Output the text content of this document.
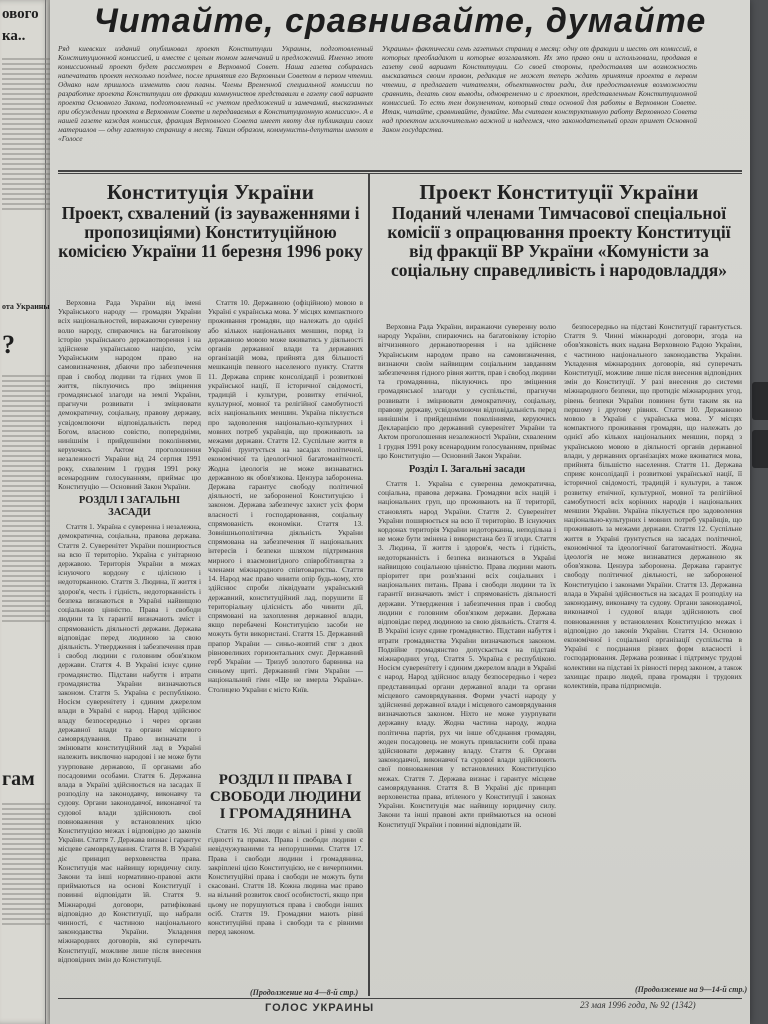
ового
ка..
ота Украины
?
гам
Читайте, сравнивайте, думайте
Ряд киевских изданий опубликовал проект Конституции Украины, подготовленный Конституционной комиссией, и вместе с целым томом замечаний и предложений. Именно этот комиссионный проект будет рассмотрен в Верховной Совет. Наша газета собиралась напечатать проект несколько позднее, после принятия его Верховным Советом в первом чтении. Однако нам пришлось изменить свои планы. Члены Временной специальной комиссии по разработке проекта Конституции от фракции коммунистов представили в газету свой вариант проекта Основного Закона, подготовленный «с учетом предложений и замечаний, высказанных при обсуждении проекта в Верховном Совете и передаваемых в Конституционную комиссию». А в нашей газете каждая комиссия, фракция Верховного Совета имеет квоту для публикации своих материалов — одну газетную страницу в месяц. Таким образом, коммунисты-депутаты имеют в «Голосе
Украины» фактически семь газетных страниц в месяц: одну от фракции и шесть от комиссий, в которых преобладают и которые возглавляют. Их это право они и использовали, продавая в газету свой вариант Конституции. Со своей стороны, предоставляя им возможность высказаться своим правом, редакция не может теперь ждать принятия проекта в первом чтении, а предлагает читателям, объективности ради, для предоставления возможности сравнить, делать свои выводы, одновременно и с проектом, представленным Конституционной комиссией. То есть тем документом, который стал основой для работы в Верховном Совете. Итак, читайте, сравнивайте, думайте. Мы считаем конструктивную работу Верховного Совета над проектом исключительно важной и надеемся, что законодательный орган примет Основной Закон государства.
Конституція України
Проект, схвалений (із зауваженнями і пропозиціями) Конституційною комісією України 11 березня 1996 року

Верховна Рада України від імені Українського народу — громадян України всіх національностей, виражаючи суверенну волю народу, спираючись на багатовікову історію українського державотворення і на здійснене українською нацією, усім Українським народом право на самовизначення, дбаючи про забезпечення прав і свобод людини та гідних умов її життя, піклуючись про зміцнення громадянської злагоди на землі України, прагнучи розвивати і зміцнювати демократичну, соціальну, правову державу, усвідомлюючи відповідальність перед Богом, власною совістю, попередніми, нинішнім і прийдешніми поколіннями, керуючись Актом проголошення незалежності України від 24 серпня 1991 року, схваленим 1 грудня 1991 року всенародним голосуванням, приймає цю Конституцію — Основний Закон України.

РОЗДІЛ І ЗАГАЛЬНІ ЗАСАДИ

Стаття 1. Україна є суверенна і незалежна, демократична, соціальна, правова держава. Стаття 2. Суверенітет України поширюється на всю її територію. Україна є унітарною державою. Територія України в межах існуючого кордону є цілісною і недоторканною. Стаття 3. Людина, її життя і здоров'я, честь і гідність, недоторканність і безпека визнаються в Україні найвищою соціальною цінністю. Права і свободи людини та їх гарантії визначають зміст і спрямованість діяльності держави. Держава відповідає перед людиною за свою діяльність. Утвердження і забезпечення прав і свобод людини є головним обов'язком держави. Стаття 4. В Україні існує єдине громадянство. Підстави набуття і втрати громадянства України визначаються законом. Стаття 5. Україна є республікою. Носієм суверенітету і єдиним джерелом влади в Україні є народ. Народ здійснює владу безпосередньо і через органи державної влади та органи місцевого самоврядування. Право визначати і змінювати конституційний лад в Україні належить виключно народові і не може бути узурповане державою, її органами або посадовими особами. Стаття 6. Державна влада в Україні здійснюється на засадах її розподілу на законодавчу, виконавчу та судову. Органи законодавчої, виконавчої та судової влади здійснюють свої повноваження у встановлених цією Конституцією межах і відповідно до законів України. Стаття 7. Держава визнає і гарантує місцеве самоврядування. Стаття 8. В Україні діє принцип верховенства права. Конституція має найвищу юридичну силу. Закони та інші нормативно-правові акти приймаються на основі Конституції і повинні відповідати їй. Стаття 9. Міжнародні договори, ратифіковані відповідно до Конституції, що набрали чинності, є частиною національного законодавства України. Укладення міжнародних договорів, які суперечать Конституції, можливе лише після внесення відповідних змін до Конституції.

Стаття 10. Державною (офіційною) мовою в Україні є українська мова. У місцях компактного проживання громадян, що належать до однієї або кількох національних меншин, поряд із державною мовою може вживатись у діяльності органів державної влади та державних організацій мова, прийнята для більшості мешканців певного населеного пункту. Стаття 11. Держава сприяє консолідації і розвиткові української нації, її історичної свідомості, традицій і культури, розвитку етнічної, культурної, мовної та релігійної самобутності всіх національних меншин. Україна піклується про задоволення національно-культурних і мовних потреб українців, що проживають за межами держави. Стаття 12. Суспільне життя в Україні ґрунтується на засадах політичної, економічної та ідеологічної багатоманітності. Жодна ідеологія не може визнаватись державною як обов'язкова. Цензура заборонена. Держава гарантує свободу політичної діяльності, не забороненої Конституцією і законом. Держава забезпечує захист усіх форм власності і господарювання, соціальну спрямованість економіки. Стаття 13. Зовнішньополітична діяльність України спрямована на забезпечення її національних інтересів і безпеки шляхом підтримання мирного і взаємовигідного співробітництва з членами міжнародного співтовариства. Стаття 14. Народ має право чинити опір будь-кому, хто здійснює спроби ліквідувати український державний, конституційний лад, порушити її територіальну цілісність або чинити дії, спрямовані на захоплення державної влади, якщо перебачені Конституцією засоби не можуть бути використані. Стаття 15. Державний прапор України — синьо-жовтий стяг з двох рівновеликих горизонтальних смуг. Державний герб України — Тризуб золотого барвника на синьому щиті. Державний гімн України — національний гімн «Ще не вмерла Україна». Столицею України є місто Київ.

РОЗДІЛ ІІ ПРАВА І СВОБОДИ ЛЮДИНИ І ГРОМАДЯНИНА

Стаття 16. Усі люди є вільні і рівні у своїй гідності та правах. Права і свободи людини є невідчужуваними та непорушними. Стаття 17. Права і свободи людини і громадянина, закріплені цією Конституцією, не є вичерпними. Конституційні права і свободи не можуть бути скасовані. Стаття 18. Кожна людина має право на вільний розвиток своєї особистості, якщо при цьому не порушуються права і свободи інших осіб. Стаття 19. Громадяни мають рівні конституційні права і свободи та є рівними перед законом.

(Продолжение на 4—8-й стр.)
Проект Конституції України
Поданий членами Тимчасової спеціальної комісії з опрацювання проекту Конституції від фракції ВР України «Комуністи за соціальну справедливість і народовладдя»

Верховна Рада України, виражаючи суверенну волю народу України, спираючись на багатовікову історію вітчизняного державотворення і на здійснене Українським народом право на самовизначення, визнаючи своїм найвищим соціальним завданням забезпечення гідного рівня життя, прав і свобод людини та громадянина, піклуючись про зміцнення громадянської злагоди у суспільстві, прагнучи розвивати і зміцнювати демократичну, соціальну, правову державу, усвідомлюючи відповідальність перед нинішнім і прийдешніми поколіннями, керуючись Декларацією про державний суверенітет України та Актом проголошення незалежності України, схваленим 1 грудня 1991 року всенародним голосуванням, приймає цю Конституцію — Основний Закон України.

Розділ I. Загальні засади

Стаття 1. Україна є суверенна демократична, соціальна, правова держава. Громадяни всіх націй і національних груп, що проживають на її території, становлять народ України. Стаття 2. Суверенітет України поширюється на всю її територію. В існуючих кордонах територія України недоторканна, неподільна і не може бути змінена і використана без її згоди. Стаття 3. Людина, її життя і здоров'я, честь і гідність, недоторканність і безпека визнаються в Україні найвищою соціальною цінністю. Права людини мають пріоритет при розв'язанні всіх соціальних і національних питань. Права і свободи людини та їх гарантії визначають зміст і спрямованість діяльності держави. Утвердження і забезпечення прав і свобод людини є головним обов'язком держави. Держава відповідає перед людиною за свою діяльність. Стаття 4. В Україні існує єдине громадянство. Підстави набуття і втрати громадянства України визначаються законом. Подвійне громадянство допускається на підставі міжнародних угод. Стаття 5. Україна є республікою. Носієм суверенітету і єдиним джерелом влади в Україні є народ. Народ здійснює владу безпосередньо і через представницькі органи державної влади та органи місцевого самоврядування. Форми участі народу у здійсненні державної влади і місцевого самоврядування визначаються законом. Ніхто не може узурпувати державну владу. Жодна частина народу, жодна політична партія, рух чи інше об'єднання громадян, жоден посадовець не можуть привласнити собі права здійснювати державну владу. Стаття 6. Органи законодавчої, виконавчої та судової влади здійснюють свої повноваження у встановлених Конституцією межах. Стаття 7. Держава визнає і гарантує місцеве самоврядування. Стаття 8. В Україні діє принцип верховенства права, втіленого у Конституції і законах України. Конституція має найвищу юридичну силу. Закони та інші правові акти приймаються на основі Конституції України і повинні відповідати їй.

безпосередньо на підставі Конституції гарантується. Стаття 9. Чинні міжнародні договори, згода на обов'язковість яких надана Верховною Радою України, є частиною національного законодавства України. Укладення міжнародних договорів, які суперечать Конституції, можливе лише після внесення відповідних змін до Конституції. У разі внесення до системи міжнародного безпеки, що протидіє міжнародних угод, рівень безпеки України повинен бути таким як на першому і другому рівнях. Стаття 10. Державною мовою в Україні є українська мова. У місцях компактного проживання громадян, що належать до однієї або кількох національних меншин, поряд з українською мовою в діяльності органів державної влади, у державних організаціях може вживатися мова, прийнята більшістю населення. Стаття 11. Держава сприяє консолідації і розвиткові української нації, її історичної свідомості, традицій і культури, а також розвитку етнічної, культурної, мовної та релігійної самобутності всіх корінних народів і національних меншин України. Україна піклується про задоволення національно-культурних і мовних потреб українців, що проживають за межами держави. Стаття 12. Суспільне життя в Україні ґрунтується на засадах політичної, економічної та ідеологічної багатоманітності. Жодна ідеологія не може визнаватися державною як обов'язкова. Цензура заборонена. Держава гарантує свободу політичної діяльності, не забороненої Конституцією і законами України. Стаття 13. Державна влада в Україні здійснюється на засадах її розподілу на законодавчу, виконавчу та судову. Органи законодавчої, виконавчої і судової влади здійснюють свої повноваження у встановлених Конституцією межах і відповідно до законів України. Стаття 14. Основою економічної і соціальної організації суспільства в Україні є поєднання різних форм власності і господарювання. Держава розвиває і підтримує трудові колективи на підставі їх рівності перед законом, а також захищає працю людей, права громадян і трудових колективів, права підприємців.

(Продолжение на 9—14-й стр.)
ГОЛОС УКРАИНЫ	23 мая 1996 года, № 92 (1342)
